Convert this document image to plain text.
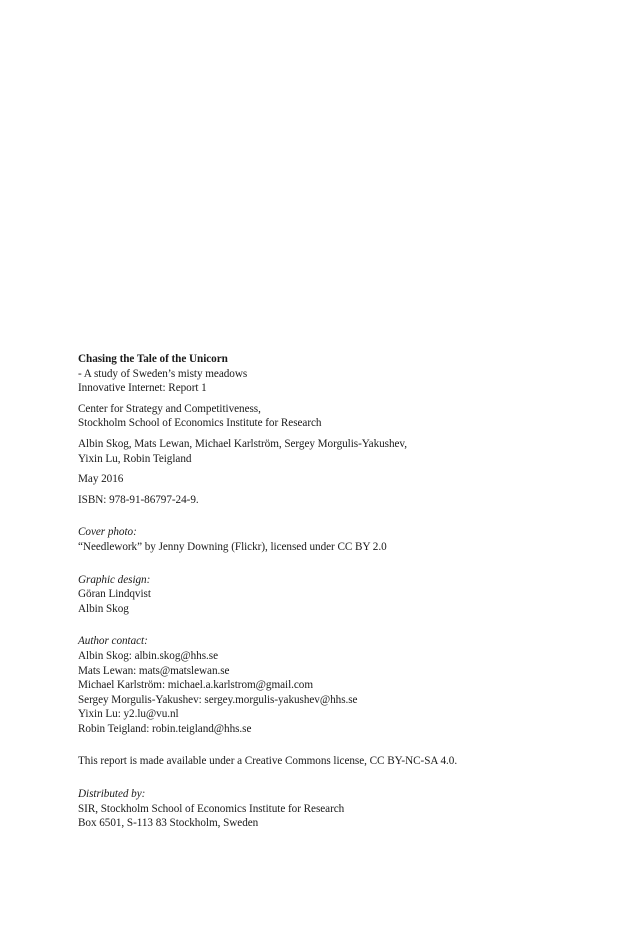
Chasing the Tale of the Unicorn

- A study of Sweden’s misty meadows

Innovative Internet: Report 1

Center for Strategy and Competitiveness,

Stockholm School of Economics Institute for Research

Albin Skog, Mats Lewan, Michael Karlström, Sergey Morgulis-Yakushev,

Yixin Lu, Robin Teigland

May 2016

ISBN: 978-91-86797-24-9.

Cover photo:

“Needlework” by Jenny Downing (Flickr), licensed under CC BY 2.0

Graphic design:

Göran Lindqvist

Albin Skog

Author contact:

Albin Skog: albin.skog@hhs.se

Mats Lewan: mats@matslewan.se

Michael Karlström: michael.a.karlstrom@gmail.com

Sergey Morgulis-Yakushev: sergey.morgulis-yakushev@hhs.se

Yixin Lu: y2.lu@vu.nl

Robin Teigland: robin.teigland@hhs.se

This report is made available under a Creative Commons license, CC BY-NC-SA 4.0.

Distributed by:

SIR, Stockholm School of Economics Institute for Research

Box 6501, S-113 83 Stockholm, Sweden
